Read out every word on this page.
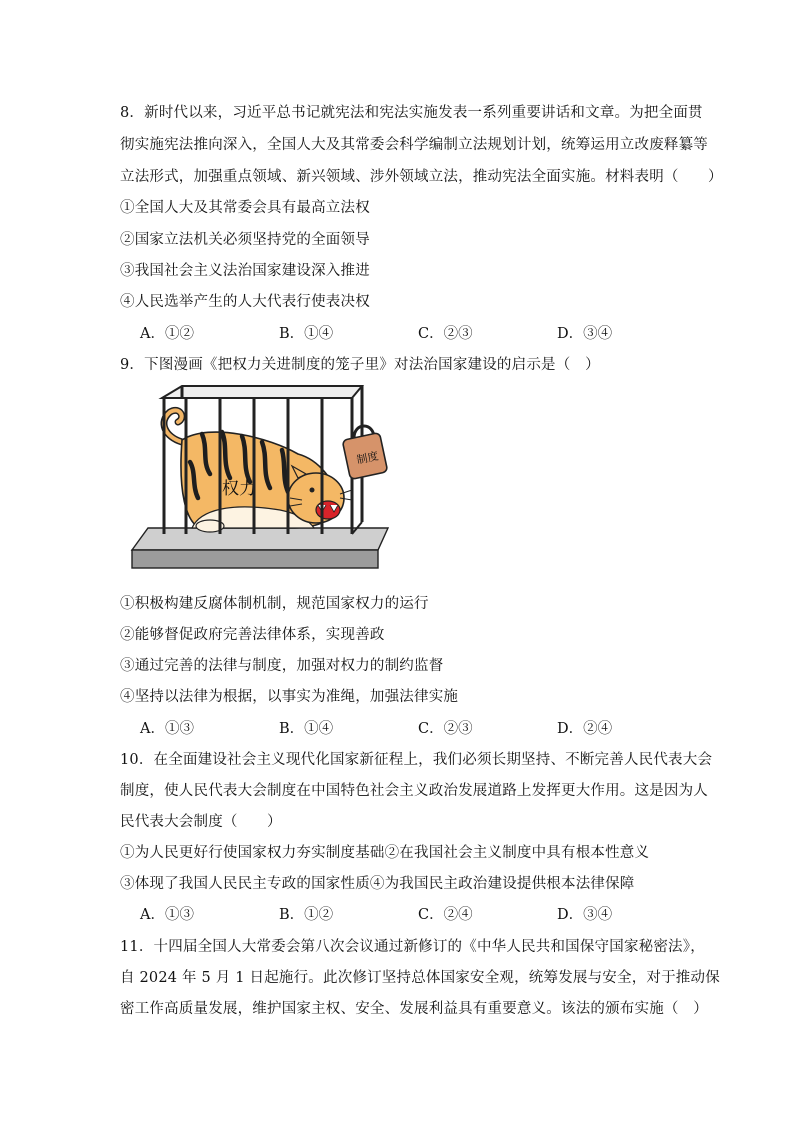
8．新时代以来，习近平总书记就宪法和宪法实施发表一系列重要讲话和文章。为把全面贯
彻实施宪法推向深入，全国人大及其常委会科学编制立法规划计划，统筹运用立改废释纂等
立法形式，加强重点领域、新兴领域、涉外领域立法，推动宪法全面实施。材料表明（　　）
①全国人大及其常委会具有最高立法权
②国家立法机关必须坚持党的全面领导
③我国社会主义法治国家建设深入推进
④人民选举产生的人大代表行使表决权
A．①②	B．①④	C．②③	D．③④
9．下图漫画《把权力关进制度的笼子里》对法治国家建设的启示是（　）
权力
制度
①积极构建反腐体制机制，规范国家权力的运行
②能够督促政府完善法律体系，实现善政
③通过完善的法律与制度，加强对权力的制约监督
④坚持以法律为根据，以事实为准绳，加强法律实施
A．①③	B．①④	C．②③	D．②④
10．在全面建设社会主义现代化国家新征程上，我们必须长期坚持、不断完善人民代表大会
制度，使人民代表大会制度在中国特色社会主义政治发展道路上发挥更大作用。这是因为人
民代表大会制度（　　）
①为人民更好行使国家权力夯实制度基础②在我国社会主义制度中具有根本性意义
③体现了我国人民民主专政的国家性质④为我国民主政治建设提供根本法律保障
A．①③	B．①②	C．②④	D．③④
11．十四届全国人大常委会第八次会议通过新修订的《中华人民共和国保守国家秘密法》，
自 2024 年 5 月 1 日起施行。此次修订坚持总体国家安全观，统筹发展与安全，对于推动保
密工作高质量发展，维护国家主权、安全、发展利益具有重要意义。该法的颁布实施（　）
